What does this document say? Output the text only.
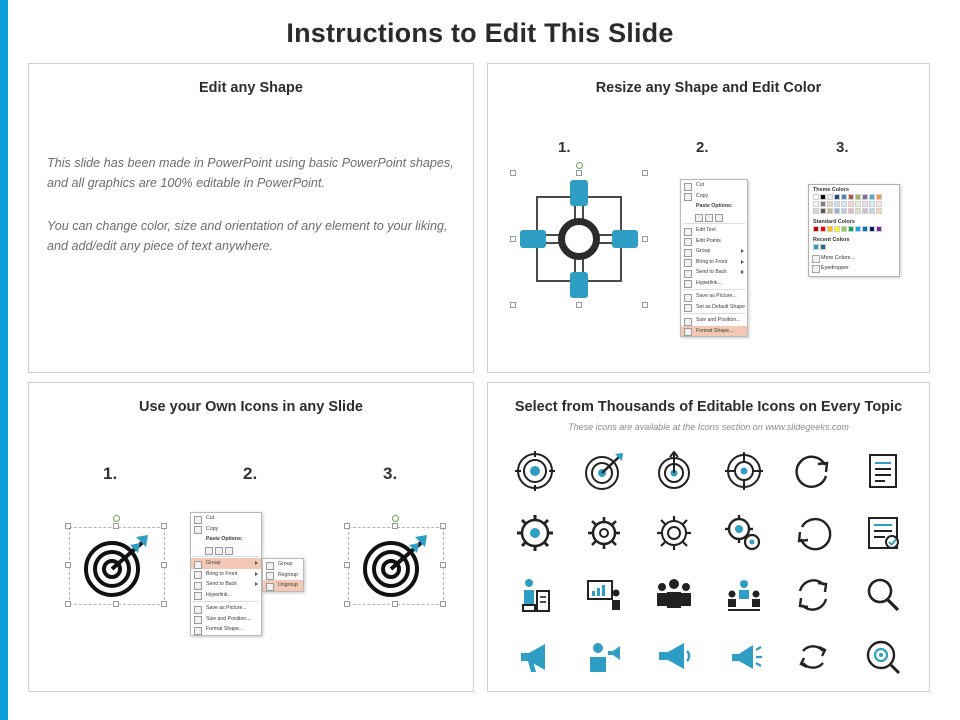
Instructions to Edit This Slide
Edit any Shape
This slide has been made in PowerPoint using basic PowerPoint shapes, and all graphics are 100% editable in PowerPoint.
You can change color, size and orientation of any element to your liking, and add/edit any piece of text anywhere.
Resize any Shape and Edit Color
1.	2.	3.
Cut
Copy
Paste Options:
Edit Text
Edit Points
Group
Bring to Front
Send to Back
Hyperlink...
Save as Picture...
Set as Default Shape
Size and Position...
Format Shape...
Theme Colors
Standard Colors
Recent Colors
More Colors...
Eyedropper
Use your Own Icons in any Slide
1.	2.	3.
Cut
Copy
Paste Options:
Group
Bring to Front
Send to Back
Hyperlink...
Save as Picture...
Size and Position...
Format Shape...
Group
Regroup
Ungroup
Select from Thousands of Editable Icons on Every Topic
These icons are available at the Icons section on www.slidegeeks.com
